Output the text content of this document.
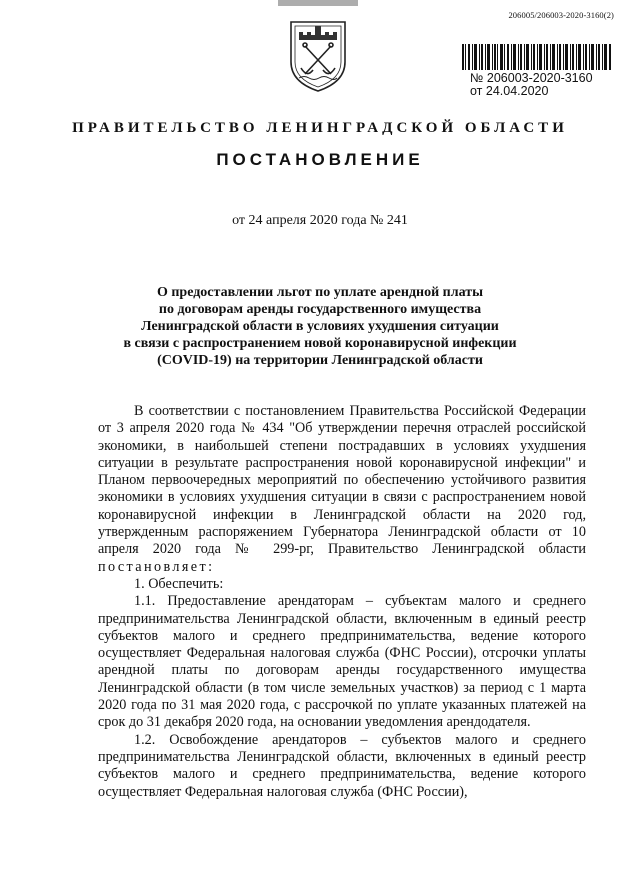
206005/206003-2020-3160(2)
№ 206003-2020-3160
от 24.04.2020
ПРАВИТЕЛЬСТВО ЛЕНИНГРАДСКОЙ ОБЛАСТИ
ПОСТАНОВЛЕНИЕ
от 24 апреля 2020 года № 241
О предоставлении льгот по уплате арендной платы
по договорам аренды государственного имущества
Ленинградской области в условиях ухудшения ситуации
в связи с распространением новой коронавирусной инфекции
(COVID-19) на территории Ленинградской области

В соответствии с постановлением Правительства Российской Федерации от 3 апреля 2020 года № 434 "Об утверждении перечня отраслей российской экономики, в наибольшей степени пострадавших в условиях ухудшения ситуации в результате распространения новой коронавирусной инфекции" и Планом первоочередных мероприятий по обеспечению устойчивого развития экономики в условиях ухудшения ситуации в связи с распространением новой коронавирусной инфекции в Ленинградской области на 2020 год, утвержденным распоряжением Губернатора Ленинградской области от 10 апреля 2020 года № 299-рг, Правительство Ленинградской области постановляет:

1. Обеспечить:

1.1. Предоставление арендаторам – субъектам малого и среднего предпринимательства Ленинградской области, включенным в единый реестр субъектов малого и среднего предпринимательства, ведение которого осуществляет Федеральная налоговая служба (ФНС России), отсрочки уплаты арендной платы по договорам аренды государственного имущества Ленинградской области (в том числе земельных участков) за период с 1 марта 2020 года по 31 мая 2020 года, с рассрочкой по уплате указанных платежей на срок до 31 декабря 2020 года, на основании уведомления арендодателя.

1.2. Освобождение арендаторов – субъектов малого и среднего предпринимательства Ленинградской области, включенных в единый реестр субъектов малого и среднего предпринимательства, ведение которого осуществляет Федеральная налоговая служба (ФНС России),
